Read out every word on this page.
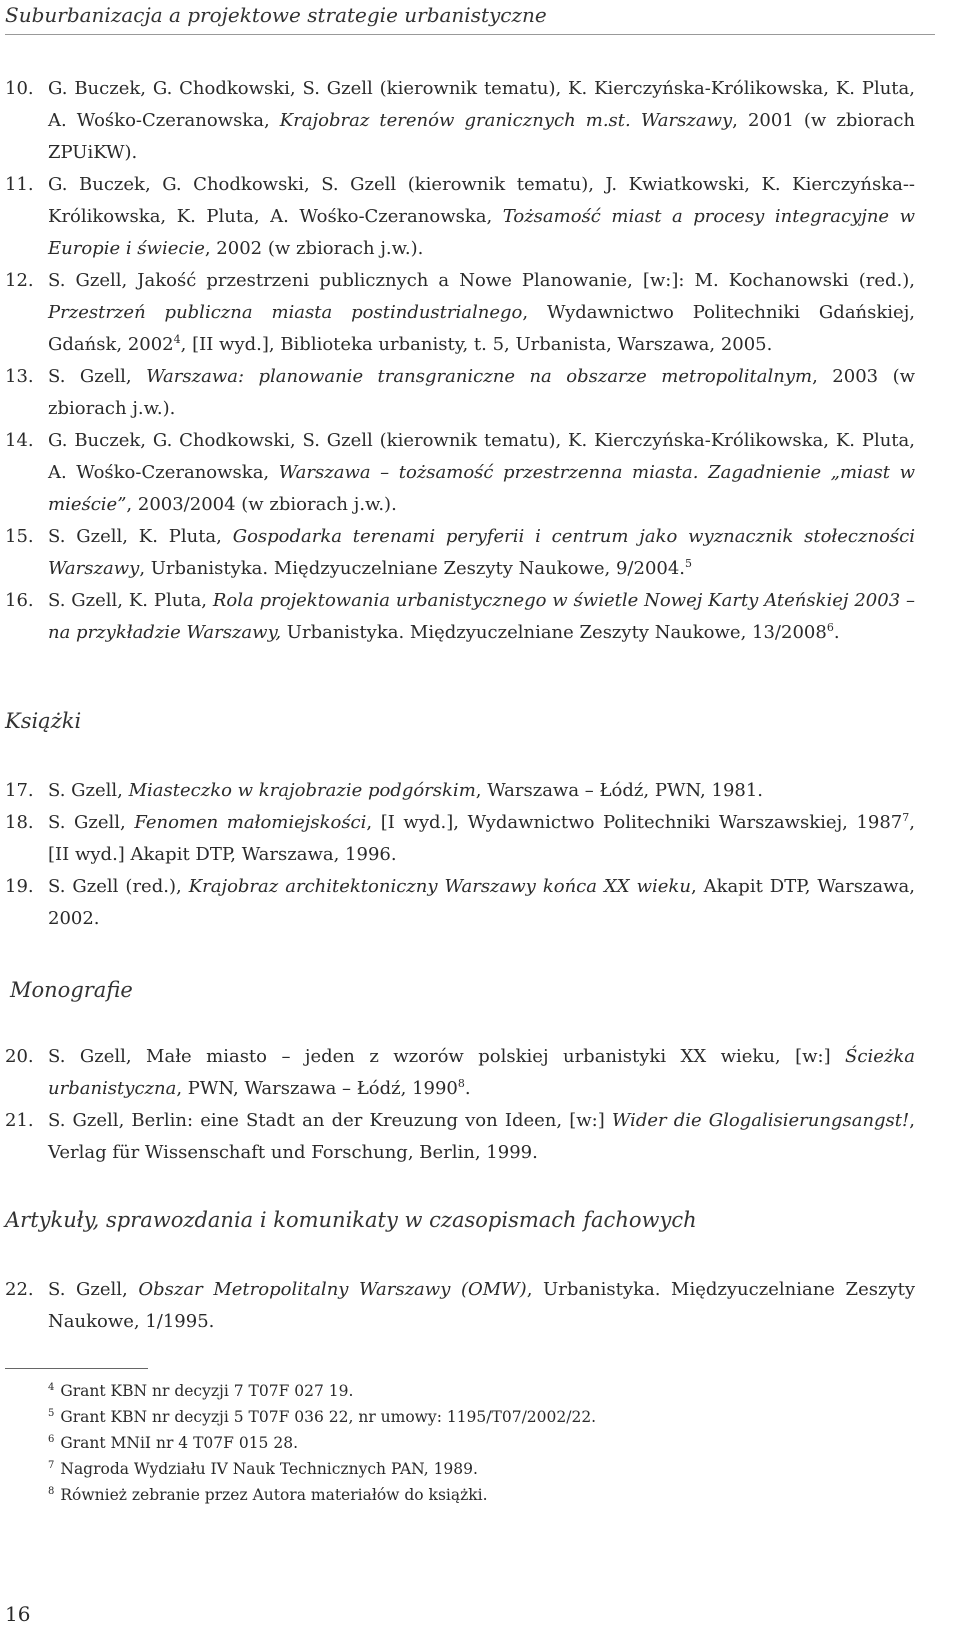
Suburbanizacja a projektowe strategie urbanistyczne
10. G. Buczek, G. Chodkowski, S. Gzell (kierownik tematu), K. Kierczyńska-Królikowska, K. Pluta, A. Wośko-Czeranowska, Krajobraz terenów granicznych m.st. Warszawy, 2001 (w zbiorach ZPUiKW).
11. G. Buczek, G. Chodkowski, S. Gzell (kierownik tematu), J. Kwiatkowski, K. Kierczyńska--Królikowska, K. Pluta, A. Wośko-Czeranowska, Tożsamość miast a procesy integracyjne w Europie i świecie, 2002 (w zbiorach j.w.).
12. S. Gzell, Jakość przestrzeni publicznych a Nowe Planowanie, [w:]: M. Kochanowski (red.), Przestrzeń publiczna miasta postindustrialnego, Wydawnictwo Politechniki Gdańskiej, Gdańsk, 2002$^4$, [II wyd.], Biblioteka urbanisty, t. 5, Urbanista, Warszawa, 2005.
13. S. Gzell, Warszawa: planowanie transgraniczne na obszarze metropolitalnym, 2003 (w zbiorach j.w.).
14. G. Buczek, G. Chodkowski, S. Gzell (kierownik tematu), K. Kierczyńska-Królikowska, K. Pluta, A. Wośko-Czeranowska, Warszawa – tożsamość przestrzenna miasta. Zagadnienie „miast w mieście”, 2003/2004 (w zbiorach j.w.).
15. S. Gzell, K. Pluta, Gospodarka terenami peryferii i centrum jako wyznacznik stołeczności Warszawy, Urbanistyka. Międzyuczelniane Zeszyty Naukowe, 9/2004.$^5$
16. S. Gzell, K. Pluta, Rola projektowania urbanistycznego w świetle Nowej Karty Ateńskiej 2003 – na przykładzie Warszawy, Urbanistyka. Międzyuczelniane Zeszyty Naukowe, 13/2008$^6$.
Książki
17. S. Gzell, Miasteczko w krajobrazie podgórskim, Warszawa – Łódź, PWN, 1981.
18. S. Gzell, Fenomen małomiejskości, [I wyd.], Wydawnictwo Politechniki Warszawskiej, 1987$^7$, [II wyd.] Akapit DTP, Warszawa, 1996.
19. S. Gzell (red.), Krajobraz architektoniczny Warszawy końca XX wieku, Akapit DTP, Warszawa, 2002.
Monografie
20. S. Gzell, Małe miasto – jeden z wzorów polskiej urbanistyki XX wieku, [w:] Ścieżka urbanistyczna, PWN, Warszawa – Łódź, 1990$^8$.
21. S. Gzell, Berlin: eine Stadt an der Kreuzung von Ideen, [w:] Wider die Glogalisierungsangst!, Verlag für Wissenschaft und Forschung, Berlin, 1999.
Artykuły, sprawozdania i komunikaty w czasopismach fachowych
22. S. Gzell, Obszar Metropolitalny Warszawy (OMW), Urbanistyka. Międzyuczelniane Zeszyty Naukowe, 1/1995.
$^4$ Grant KBN nr decyzji 7 T07F 027 19.
$^5$ Grant KBN nr decyzji 5 T07F 036 22, nr umowy: 1195/T07/2002/22.
$^6$ Grant MNiI nr 4 T07F 015 28.
$^7$ Nagroda Wydziału IV Nauk Technicznych PAN, 1989.
$^8$ Również zebranie przez Autora materiałów do książki.
16
